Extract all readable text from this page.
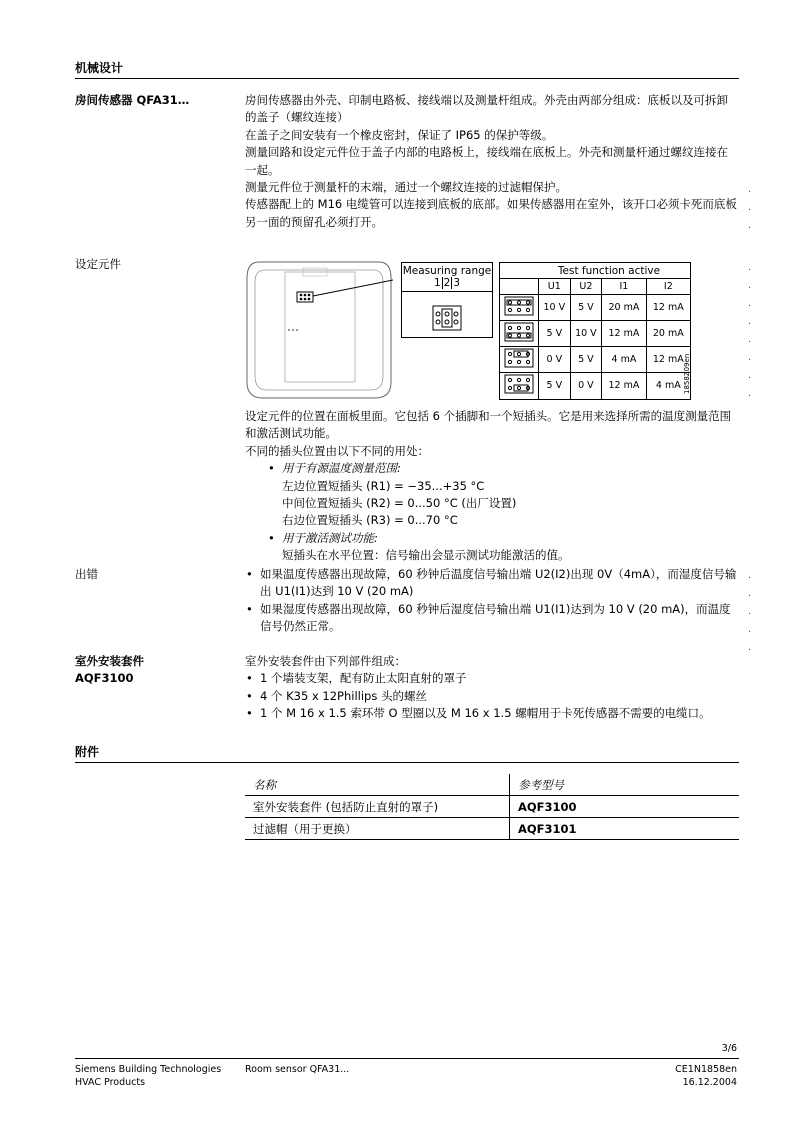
机械设计
房间传感器 QFA31…	房间传感器由外壳、印制电路板、接线端以及测量杆组成。外壳由两部分组成：底板以及可拆卸的盖子（螺纹连接）

在盖子之间安装有一个橡皮密封，保证了 IP65 的保护等级。

测量回路和设定元件位于盖子内部的电路板上，接线端在底板上。外壳和测量杆通过螺纹连接在一起。

测量元件位于测量杆的末端，通过一个螺纹连接的过滤帽保护。

传感器配上的 M16 电缆管可以连接到底板的底部。如果传感器用在室外，该开口必须卡死而底板另一面的预留孔必须打开。

设定元件	Measuring range
1 2 3
Test function active
	U1	U2	I1	I2
	10 V	5 V	20 mA	12 mA
	5 V	10 V	12 mA	20 mA
	0 V	5 V	4 mA	12 mA
	5 V	0 V	12 mA	4 mA 1858Z09en

设定元件的位置在面板里面。它包括 6 个插脚和一个短插头。它是用来选择所需的温度测量范围和激活测试功能。

不同的插头位置由以下不同的用处：

• 用于有源温度测量范围:
左边位置短插头 (R1) = −35...+35 °C
中间位置短插头 (R2) = 0...50 °C (出厂设置)
右边位置短插头 (R3) = 0...70 °C
• 用于激活测试功能:
短插头在水平位置：信号输出会显示测试功能激活的值。
出错	• 如果温度传感器出现故障，60 秒钟后温度信号输出端 U2(I2)出现 0V（4mA），而湿度信号输出 U1(I1)达到 10 V (20 mA)
• 如果湿度传感器出现故障，60 秒钟后湿度信号输出端 U1(I1)达到为 10 V (20 mA)，而温度信号仍然正常。
室外安装套件
AQF3100

室外安装套件由下列部件组成：

• 1 个墙装支架，配有防止太阳直射的罩子
• 4 个 K35 x 12Phillips 头的螺丝
• 1 个 M 16 x 1.5 索环带 O 型圈以及 M 16 x 1.5 螺帽用于卡死传感器不需要的电缆口。
附件
名称	参考型号
室外安装套件 (包括防止直射的罩子)	AQF3100
过滤帽（用于更换）	AQF3101
.
.
.
.
.
.
.
.
.
.
.
.
.
.
.
.
3/6
Siemens Building Technologies
HVAC Products
Room sensor QFA31...	CE1N1858en
16.12.2004
